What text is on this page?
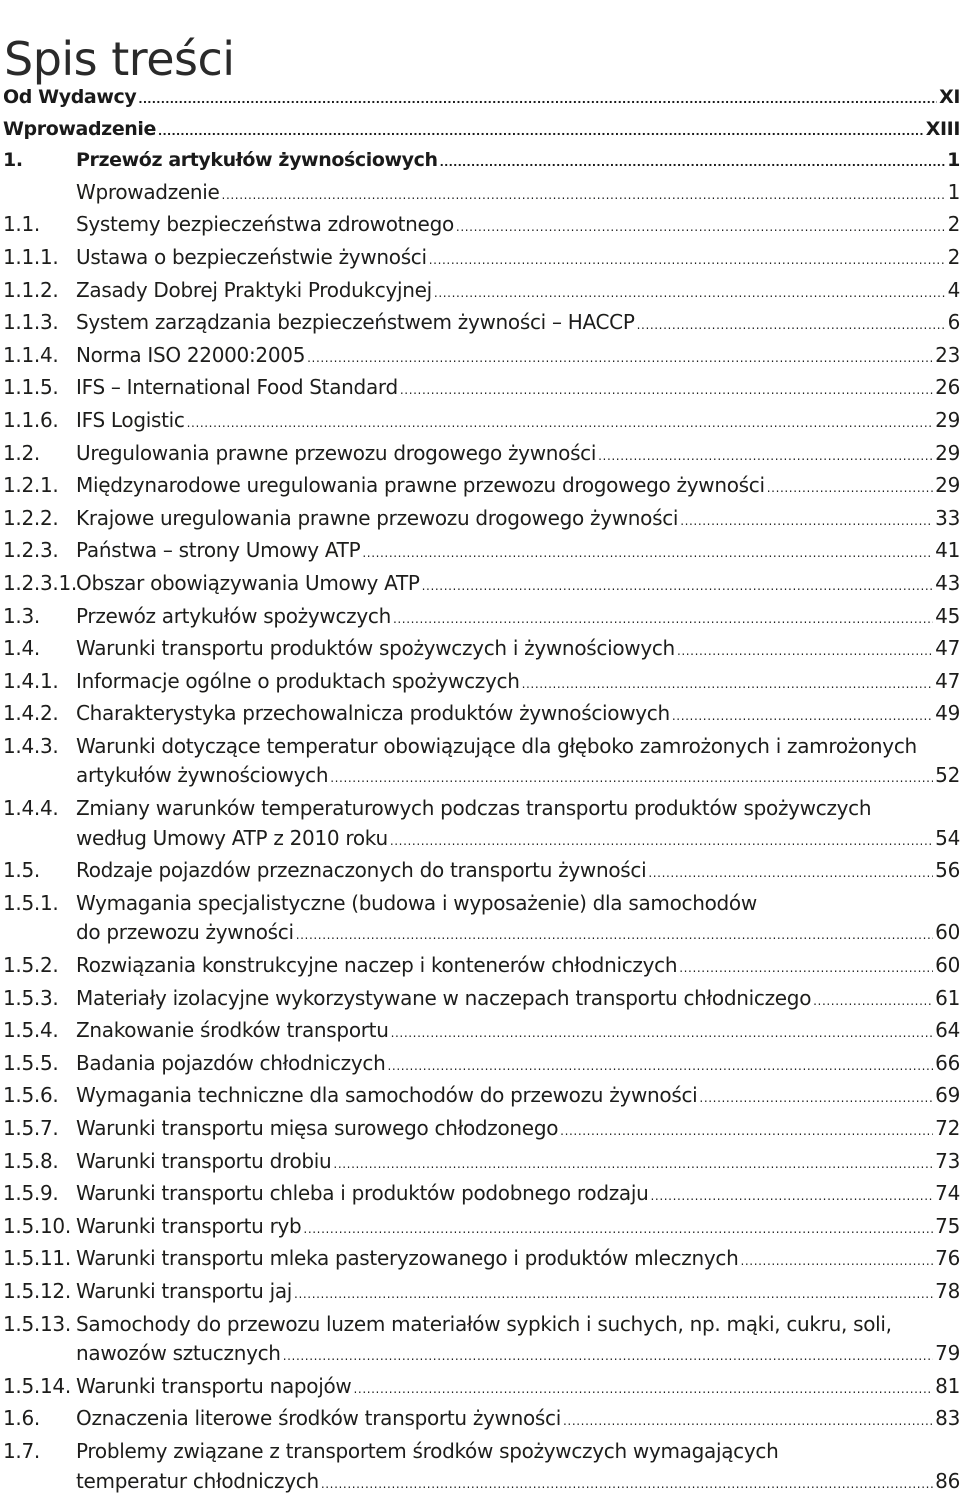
Spis treści
Od Wydawcy .....	XI
Wprowadzenie .....	XIII
1.	Przewóz artykułów żywnościowych .....	1
Wprowadzenie .....	1
1.1. Systemy bezpieczeństwa zdrowotnego .....	2
1.1.1. Ustawa o bezpieczeństwie żywności .....	2
1.1.2. Zasady Dobrej Praktyki Produkcyjnej .....	4
1.1.3. System zarządzania bezpieczeństwem żywności – HACCP .....	6
1.1.4. Norma ISO 22000:2005 .....	23
1.1.5. IFS – International Food Standard .....	26
1.1.6. IFS Logistic .....	29
1.2. Uregulowania prawne przewozu drogowego żywności .....	29
1.2.1. Międzynarodowe uregulowania prawne przewozu drogowego żywności .....	29
1.2.2. Krajowe uregulowania prawne przewozu drogowego żywności .....	33
1.2.3. Państwa – strony Umowy ATP .....	41
1.2.3.1. Obszar obowiązywania Umowy ATP .....	43
1.3. Przewóz artykułów spożywczych .....	45
1.4. Warunki transportu produktów spożywczych i żywnościowych .....	47
1.4.1. Informacje ogólne o produktach spożywczych .....	47
1.4.2. Charakterystyka przechowalnicza produktów żywnościowych .....	49
1.4.3. Warunki dotyczące temperatur obowiązujące dla głęboko zamrożonych i zamrożonych
artykułów żywnościowych .....	52
1.4.4. Zmiany warunków temperaturowych podczas transportu produktów spożywczych
według Umowy ATP z 2010 roku .....	54
1.5. Rodzaje pojazdów przeznaczonych do transportu żywności .....	56
1.5.1. Wymagania specjalistyczne (budowa i wyposażenie) dla samochodów
do przewozu żywności .....	60
1.5.2. Rozwiązania konstrukcyjne naczep i kontenerów chłodniczych .....	60
1.5.3. Materiały izolacyjne wykorzystywane w naczepach transportu chłodniczego .....	61
1.5.4. Znakowanie środków transportu .....	64
1.5.5. Badania pojazdów chłodniczych .....	66
1.5.6. Wymagania techniczne dla samochodów do przewozu żywności .....	69
1.5.7. Warunki transportu mięsa surowego chłodzonego .....	72
1.5.8. Warunki transportu drobiu .....	73
1.5.9. Warunki transportu chleba i produktów podobnego rodzaju .....	74
1.5.10. Warunki transportu ryb .....	75
1.5.11. Warunki transportu mleka pasteryzowanego i produktów mlecznych .....	76
1.5.12. Warunki transportu jaj .....	78
1.5.13. Samochody do przewozu luzem materiałów sypkich i suchych, np. mąki, cukru, soli,
nawozów sztucznych .....	79
1.5.14. Warunki transportu napojów .....	81
1.6. Oznaczenia literowe środków transportu żywności .....	83
1.7. Problemy związane z transportem środków spożywczych wymagających
temperatur chłodniczych .....	86
